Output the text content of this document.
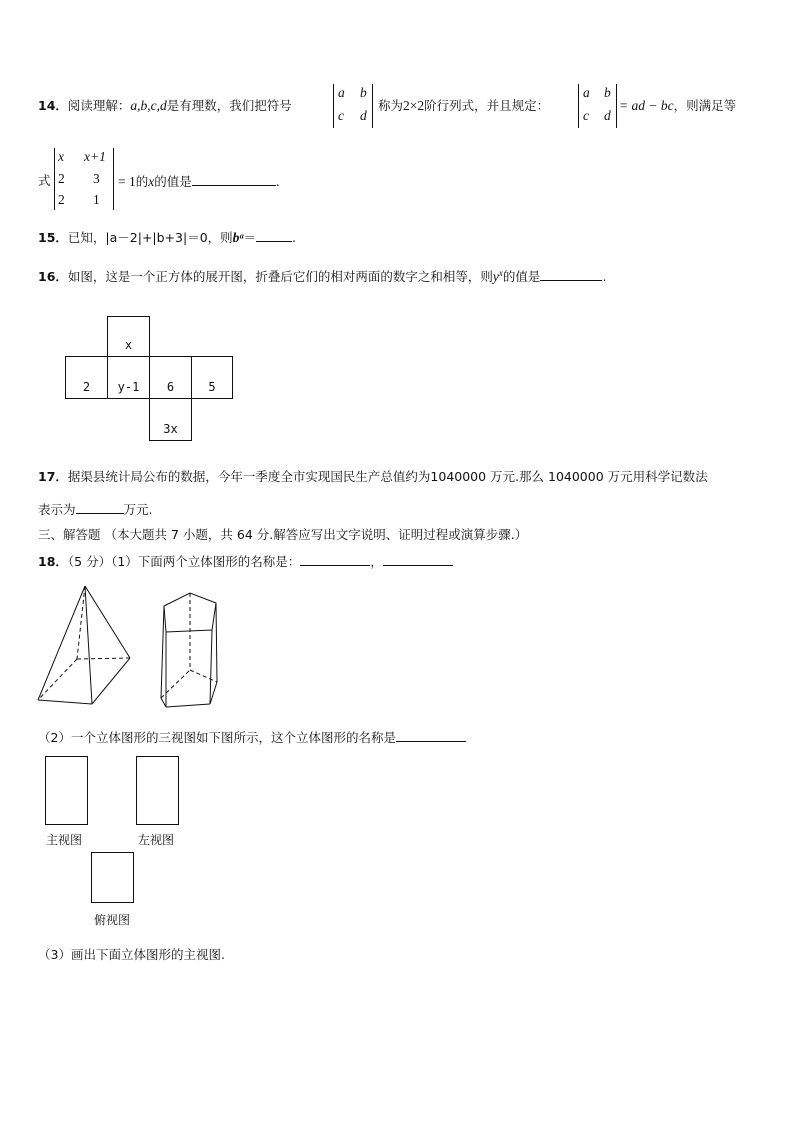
14．阅读理解：a,b,c,d是有理数，我们把符号
a b
c d
称为2×2阶行列式，并且规定：
a b
c d
= ad − bc，则满足等
式
x x+1
2 3
2 1
= 1的x的值是	.
15．已知，|a－2|+|b+3|＝0，则bᵃ＝	.
16．如图，这是一个正方体的展开图，折叠后它们的相对两面的数字之和相等，则$y^x$的值是	.
x
2	y-1	6	5
3x
17．据渠县统计局公布的数据，今年一季度全市实现国民生产总值约为1040000 万元.那么 1040000 万元用科学记数法
表示为	万元.
三、解答题 （本大题共 7 小题，共 64 分.解答应写出文字说明、证明过程或演算步骤.）
18．（5 分）（1）下面两个立体图形的名称是：	，
（2）一个立体图形的三视图如下图所示，这个立体图形的名称是
主视图	左视图
俯视图
（3）画出下面立体图形的主视图.
